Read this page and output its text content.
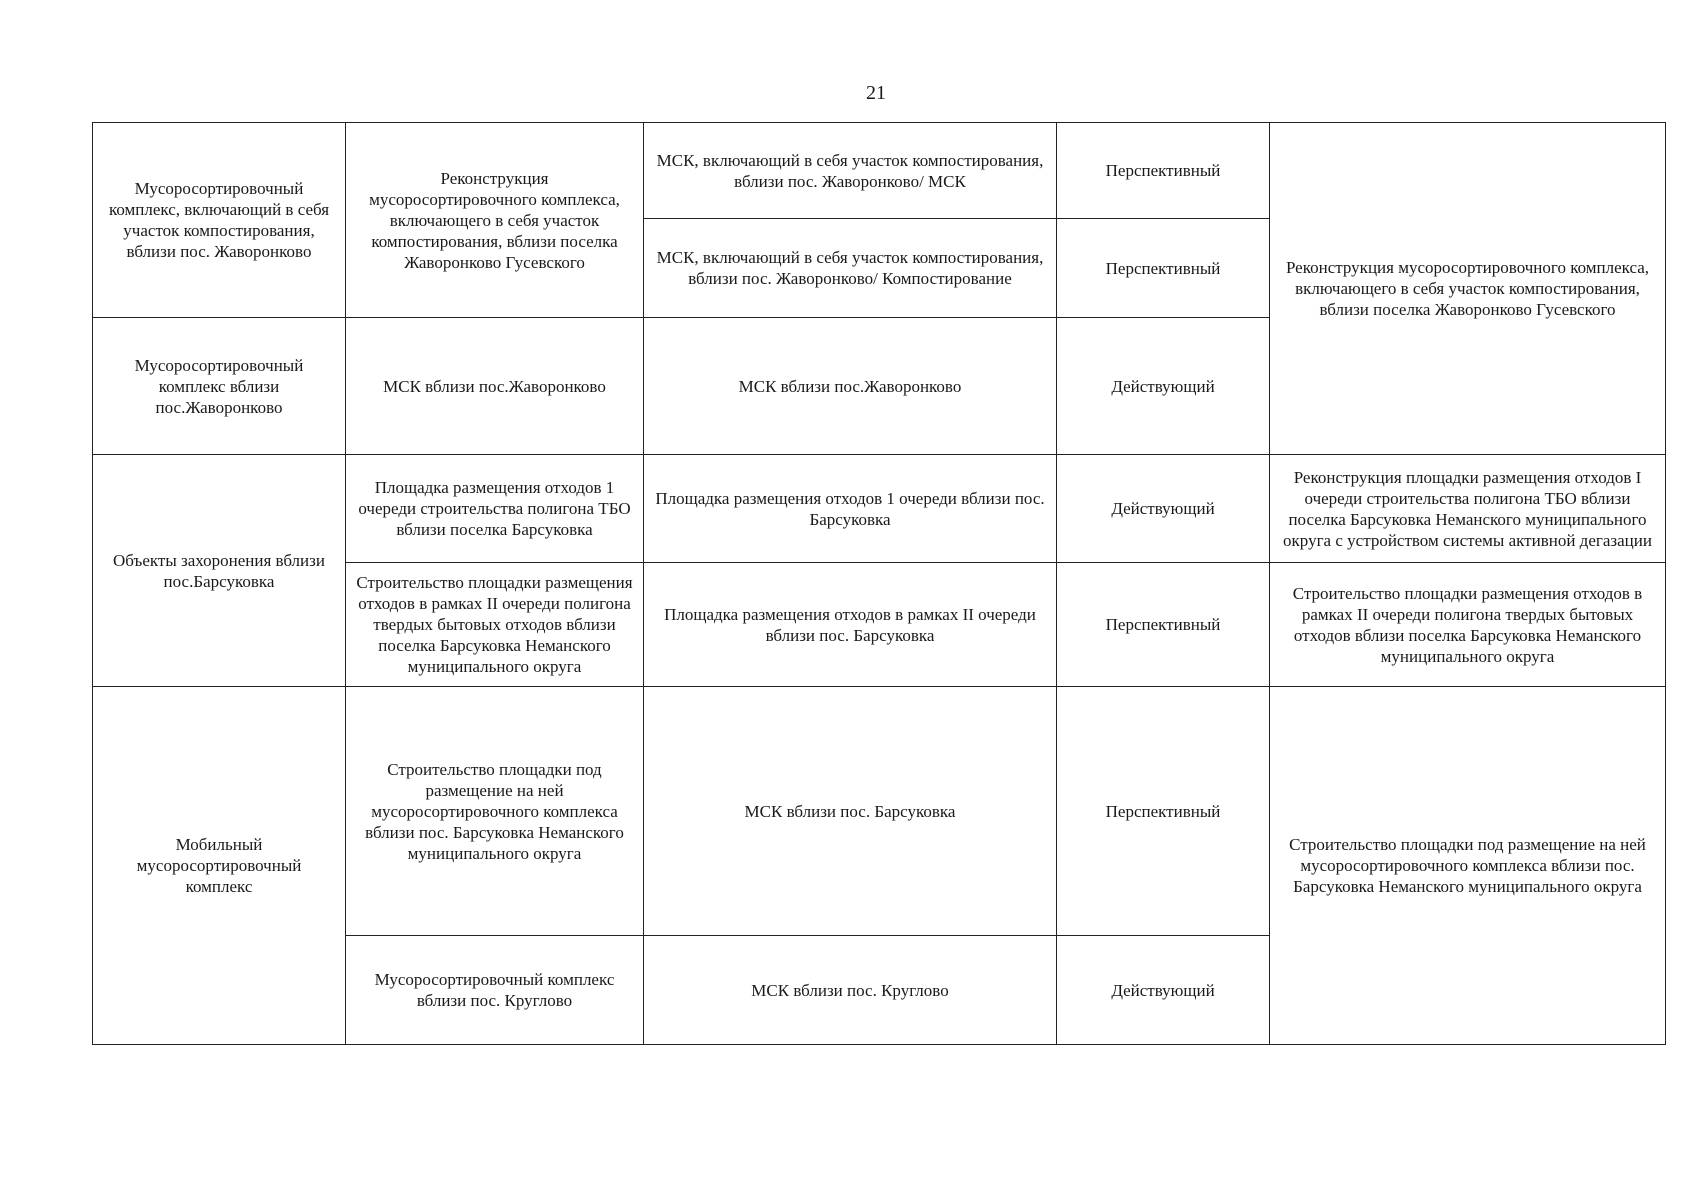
21
Мусоросортировочный комплекс, включающий в себя участок компостирования, вблизи пос. Жаворонково	Реконструкция мусоросортировочного комплекса, включающего в себя участок компостирования, вблизи поселка Жаворонково Гусевского	МСК, включающий в себя участок компостирования, вблизи пос. Жаворонково/ МСК	Перспективный	Реконструкция мусоросортировочного комплекса, включающего в себя участок компостирования, вблизи поселка Жаворонково Гусевского
		МСК, включающий в себя участок компостирования, вблизи пос. Жаворонково/ Компостирование	Перспективный	
Мусоросортировочный комплекс вблизи пос.Жаворонково	МСК вблизи пос.Жаворонково	МСК вблизи пос.Жаворонково	Действующий	
Объекты захоронения вблизи пос.Барсуковка	Площадка размещения отходов 1 очереди строительства полигона ТБО вблизи поселка Барсуковка	Площадка размещения отходов 1 очереди вблизи пос. Барсуковка	Действующий	Реконструкция площадки размещения отходов I очереди строительства полигона ТБО вблизи поселка Барсуковка Неманского муниципального округа с устройством системы активной дегазации
	Строительство площадки размещения отходов в рамках II очереди полигона твердых бытовых отходов вблизи поселка Барсуковка Неманского муниципального округа	Площадка размещения отходов в рамках II очереди вблизи пос. Барсуковка	Перспективный	Строительство площадки размещения отходов в рамках II очереди полигона твердых бытовых отходов вблизи поселка Барсуковка Неманского муниципального округа
Мобильный мусоросортировочный комплекс	Строительство площадки под размещение на ней мусоросортировочного комплекса вблизи пос. Барсуковка Неманского муниципального округа	МСК вблизи пос. Барсуковка	Перспективный	Строительство площадки под размещение на ней мусоросортировочного комплекса вблизи пос. Барсуковка Неманского муниципального округа
	Мусоросортировочный комплекс вблизи пос. Круглово	МСК вблизи пос. Круглово	Действующий	
